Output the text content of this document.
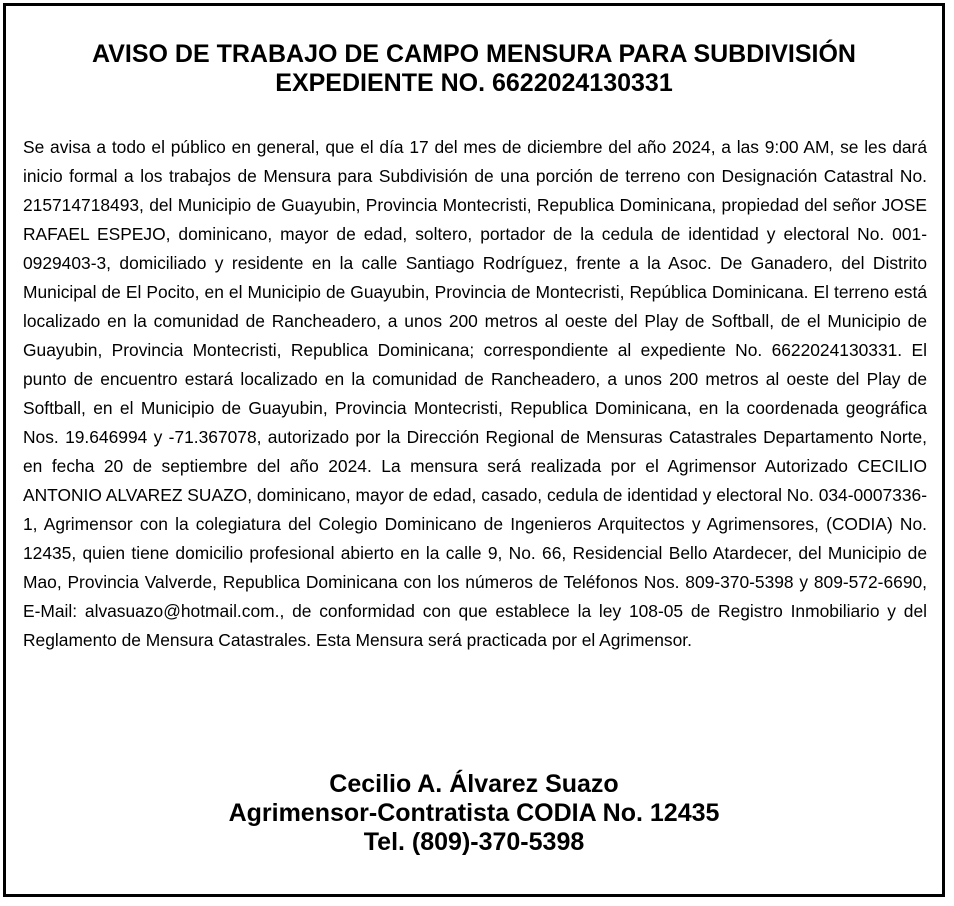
AVISO DE TRABAJO DE CAMPO MENSURA PARA SUBDIVISIÓN
EXPEDIENTE NO. 6622024130331

Se avisa a todo el público en general, que el día 17 del mes de diciembre del año 2024, a las 9:00 AM, se les dará inicio formal a los trabajos de Mensura para Subdivisión de una porción de terreno con Designación Catastral No. 215714718493, del Municipio de Guayubin, Provincia Montecristi, Republica Dominicana, propiedad del señor JOSE RAFAEL ESPEJO, dominicano, mayor de edad, soltero, portador de la cedula de identidad y electoral No. 001-0929403-3, domiciliado y residente en la calle Santiago Rodríguez, frente a la Asoc. De Ganadero, del Distrito Municipal de El Pocito, en el Municipio de Guayubin, Provincia de Montecristi, República Dominicana. El terreno está localizado en la comunidad de Rancheadero, a unos 200 metros al oeste del Play de Softball, de el Municipio de Guayubin, Provincia Montecristi, Republica Dominicana; correspondiente al expediente No. 6622024130331. El punto de encuentro estará localizado en la comunidad de Rancheadero, a unos 200 metros al oeste del Play de Softball, en el Municipio de Guayubin, Provincia Montecristi, Republica Dominicana, en la coordenada geográfica Nos. 19.646994 y -71.367078, autorizado por la Dirección Regional de Mensuras Catastrales Departamento Norte, en fecha 20 de septiembre del año 2024. La mensura será realizada por el Agrimensor Autorizado CECILIO ANTONIO ALVAREZ SUAZO, dominicano, mayor de edad, casado, cedula de identidad y electoral No. 034-0007336-1, Agrimensor con la colegiatura del Colegio Dominicano de Ingenieros Arquitectos y Agrimensores, (CODIA) No. 12435, quien tiene domicilio profesional abierto en la calle 9, No. 66, Residencial Bello Atardecer, del Municipio de Mao, Provincia Valverde, Republica Dominicana con los números de Teléfonos Nos. 809-370-5398 y 809-572-6690, E-Mail: alvasuazo@hotmail.com., de conformidad con que establece la ley 108-05 de Registro Inmobiliario y del Reglamento de Mensura Catastrales. Esta Mensura será practicada por el Agrimensor.

Cecilio A. Álvarez Suazo
Agrimensor-Contratista CODIA No. 12435
Tel. (809)-370-5398
